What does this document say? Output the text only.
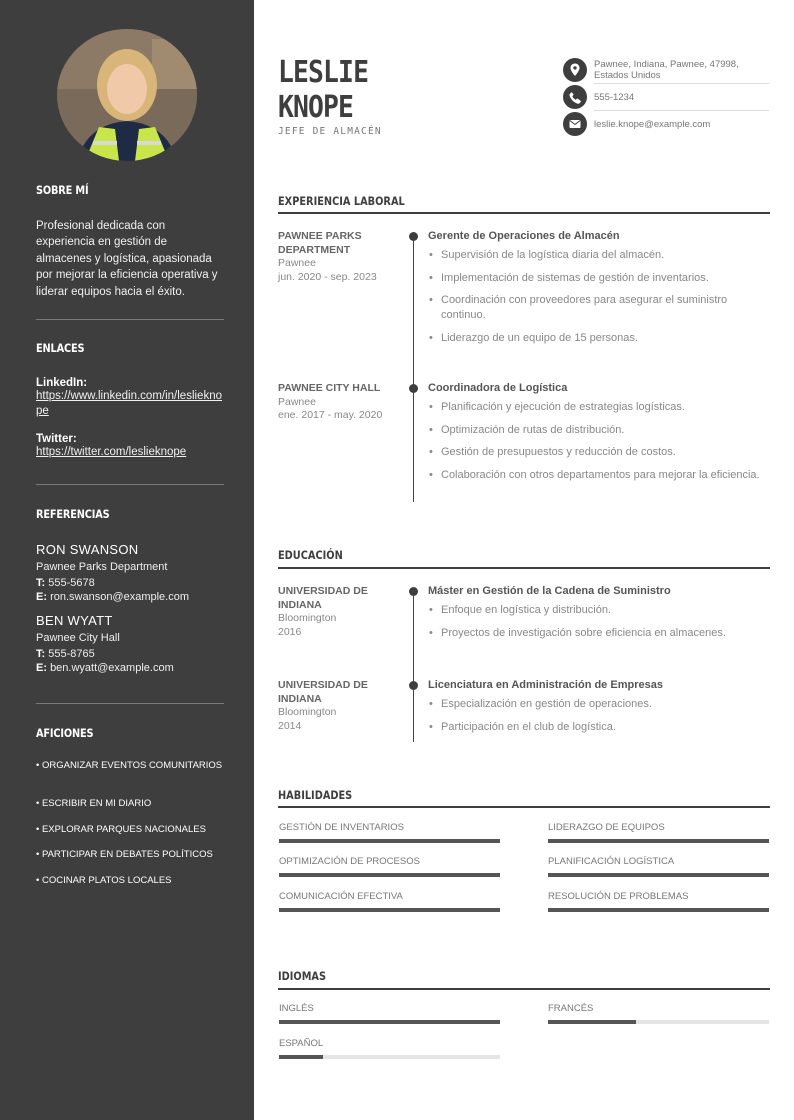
SOBRE MÍ

Profesional dedicada con experiencia en gestión de almacenes y logística, apasionada por mejorar la eficiencia operativa y liderar equipos hacia el éxito.

ENLACES
LinkedIn:
https://www.linkedin.com/in/leslieknope
Twitter:
https://twitter.com/leslieknope
REFERENCIAS
RON SWANSON
Pawnee Parks Department
T: 555-5678
E: ron.swanson@example.com
BEN WYATT
Pawnee City Hall
T: 555-8765
E: ben.wyatt@example.com
AFICIONES
• ORGANIZAR EVENTOS COMUNITARIOS
• ESCRIBIR EN MI DIARIO
• EXPLORAR PARQUES NACIONALES
• PARTICIPAR EN DEBATES POLÍTICOS
• COCINAR PLATOS LOCALES
LESLIE
KNOPE
JEFE DE ALMACÉN
Pawnee, Indiana, Pawnee, 47998, Estados Unidos
555-1234
leslie.knope@example.com
EXPERIENCIA LABORAL
PAWNEE PARKS DEPARTMENT
Pawnee
jun. 2020 - sep. 2023
Gerente de Operaciones de Almacén
• Supervisión de la logística diaria del almacén.
• Implementación de sistemas de gestión de inventarios.
• Coordinación con proveedores para asegurar el suministro continuo.
• Liderazgo de un equipo de 15 personas.
PAWNEE CITY HALL
Pawnee
ene. 2017 - may. 2020
Coordinadora de Logística
• Planificación y ejecución de estrategias logísticas.
• Optimización de rutas de distribución.
• Gestión de presupuestos y reducción de costos.
• Colaboración con otros departamentos para mejorar la eficiencia.
EDUCACIÓN
UNIVERSIDAD DE INDIANA
Bloomington
2016
Máster en Gestión de la Cadena de Suministro
• Enfoque en logística y distribución.
• Proyectos de investigación sobre eficiencia en almacenes.
UNIVERSIDAD DE INDIANA
Bloomington
2014
Licenciatura en Administración de Empresas
• Especialización en gestión de operaciones.
• Participación en el club de logística.
HABILIDADES
GESTIÓN DE INVENTARIOS	LIDERAZGO DE EQUIPOS
OPTIMIZACIÓN DE PROCESOS	PLANIFICACIÓN LOGÍSTICA
COMUNICACIÓN EFECTIVA	RESOLUCIÓN DE PROBLEMAS
IDIOMAS
INGLÉS	FRANCÉS
ESPAÑOL
